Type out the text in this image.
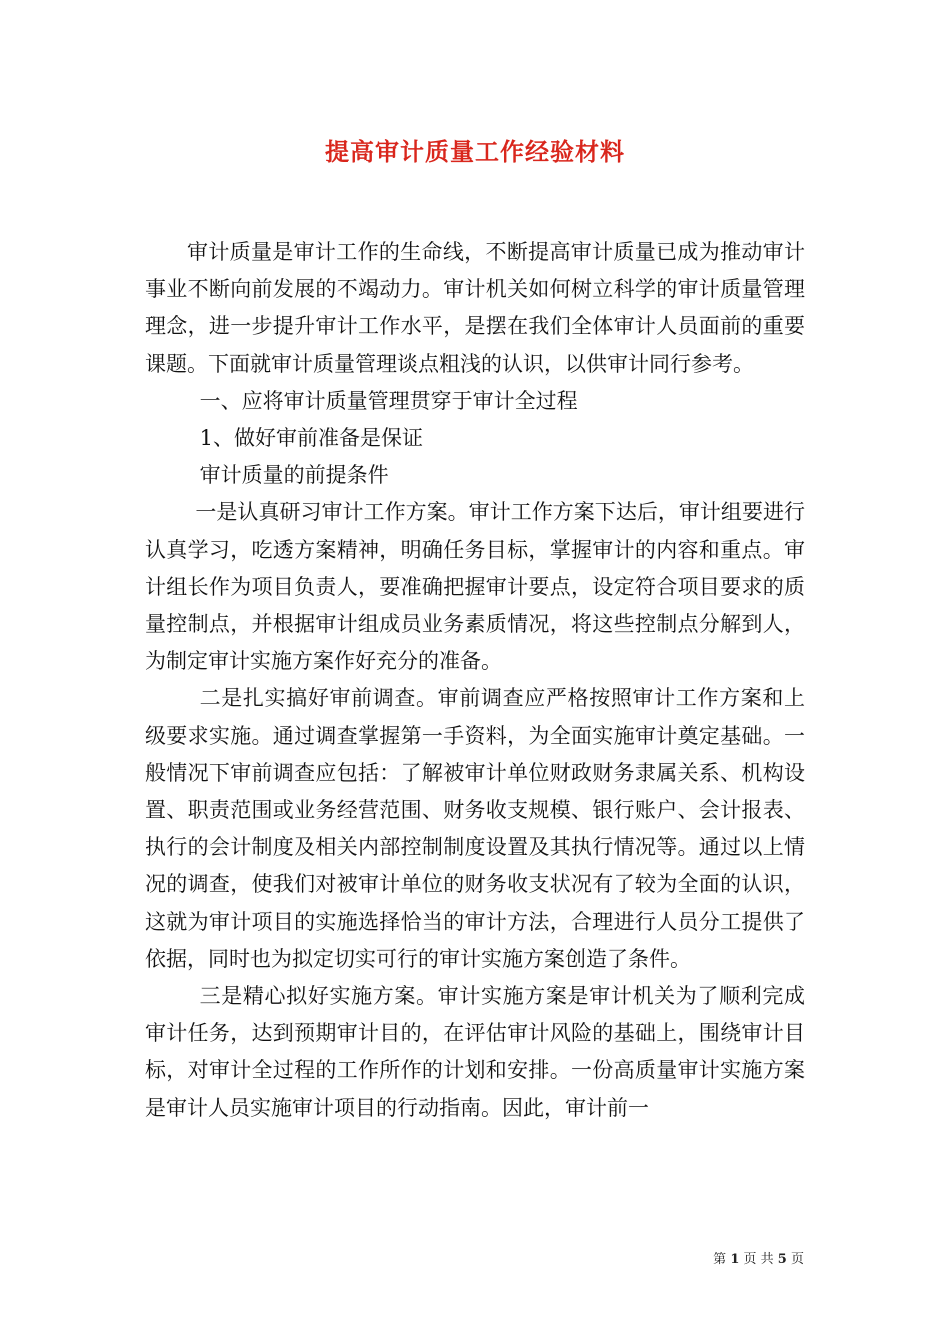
提高审计质量工作经验材料

审计质量是审计工作的生命线，不断提高审计质量已成为推动审计事业不断向前发展的不竭动力。审计机关如何树立科学的审计质量管理理念，进一步提升审计工作水平，是摆在我们全体审计人员面前的重要课题。下面就审计质量管理谈点粗浅的认识，以供审计同行参考。

一、应将审计质量管理贯穿于审计全过程

1、做好审前准备是保证

审计质量的前提条件

一是认真研习审计工作方案。审计工作方案下达后，审计组要进行认真学习，吃透方案精神，明确任务目标，掌握审计的内容和重点。审计组长作为项目负责人，要准确把握审计要点，设定符合项目要求的质量控制点，并根据审计组成员业务素质情况，将这些控制点分解到人，为制定审计实施方案作好充分的准备。

二是扎实搞好审前调查。审前调查应严格按照审计工作方案和上级要求实施。通过调查掌握第一手资料，为全面实施审计奠定基础。一般情况下审前调查应包括：了解被审计单位财政财务隶属关系、机构设置、职责范围或业务经营范围、财务收支规模、银行账户、会计报表、执行的会计制度及相关内部控制制度设置及其执行情况等。通过以上情况的调查，使我们对被审计单位的财务收支状况有了较为全面的认识，这就为审计项目的实施选择恰当的审计方法，合理进行人员分工提供了依据，同时也为拟定切实可行的审计实施方案创造了条件。

三是精心拟好实施方案。审计实施方案是审计机关为了顺利完成审计任务，达到预期审计目的，在评估审计风险的基础上，围绕审计目标，对审计全过程的工作所作的计划和安排。一份高质量审计实施方案是审计人员实施审计项目的行动指南。因此，审计前一

第 1 页 共 5 页
